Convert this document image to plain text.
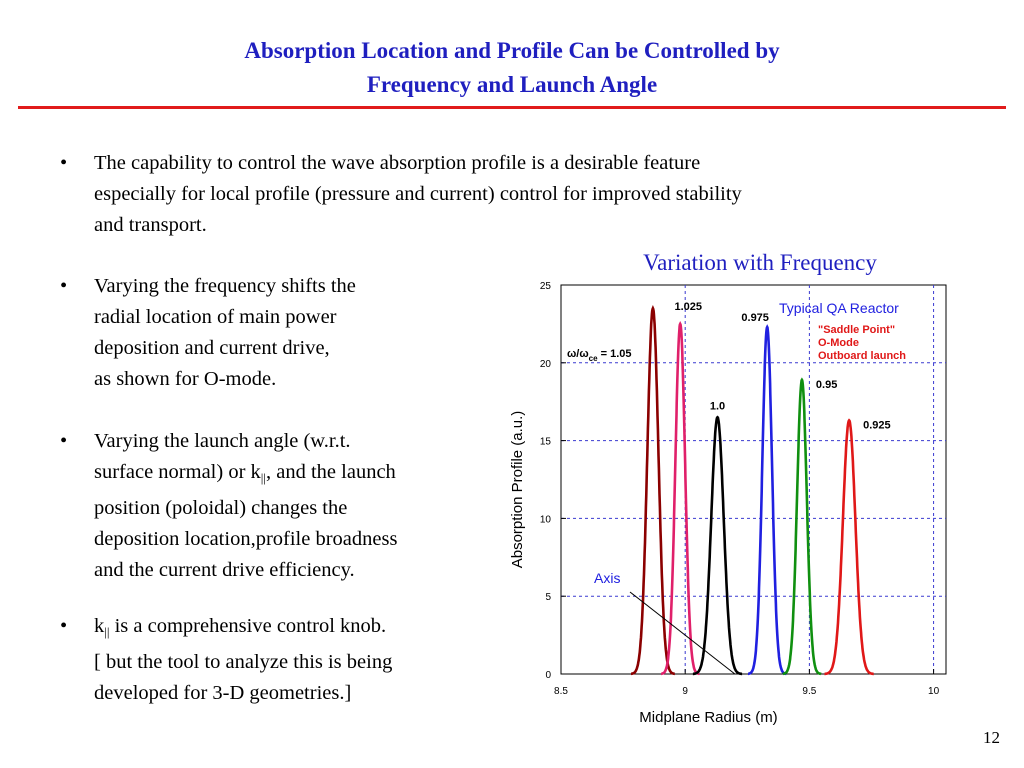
Absorption Location and Profile Can be Controlled by
Frequency and Launch Angle
• The capability to control the wave absorption profile is a desirable feature
especially for local profile (pressure and current) control for improved stability
and transport.
• Varying the frequency shifts the
radial location of main power
deposition and current drive,
as shown for O-mode.
• Varying the launch angle (w.r.t.
surface normal) or $k_{||}$, and the launch
position (poloidal) changes the
deposition location,profile broadness
and the current drive efficiency.
• $k_{||}$ is a comprehensive control knob.
[ but the tool to analyze this is being
developed for 3-D geometries.]
Variation with Frequency
8.5	9	9.5	10
0
5
10
15
20
25
Midplane Radius (m)
Absorption Profile (a.u.)
1.025
1.0
0.975
0.95
0.925
Typical QA Reactor
"Saddle Point"
O-Mode
Outboard launch
$\omega/\omega_{ce} = 1.05$
Axis
12
